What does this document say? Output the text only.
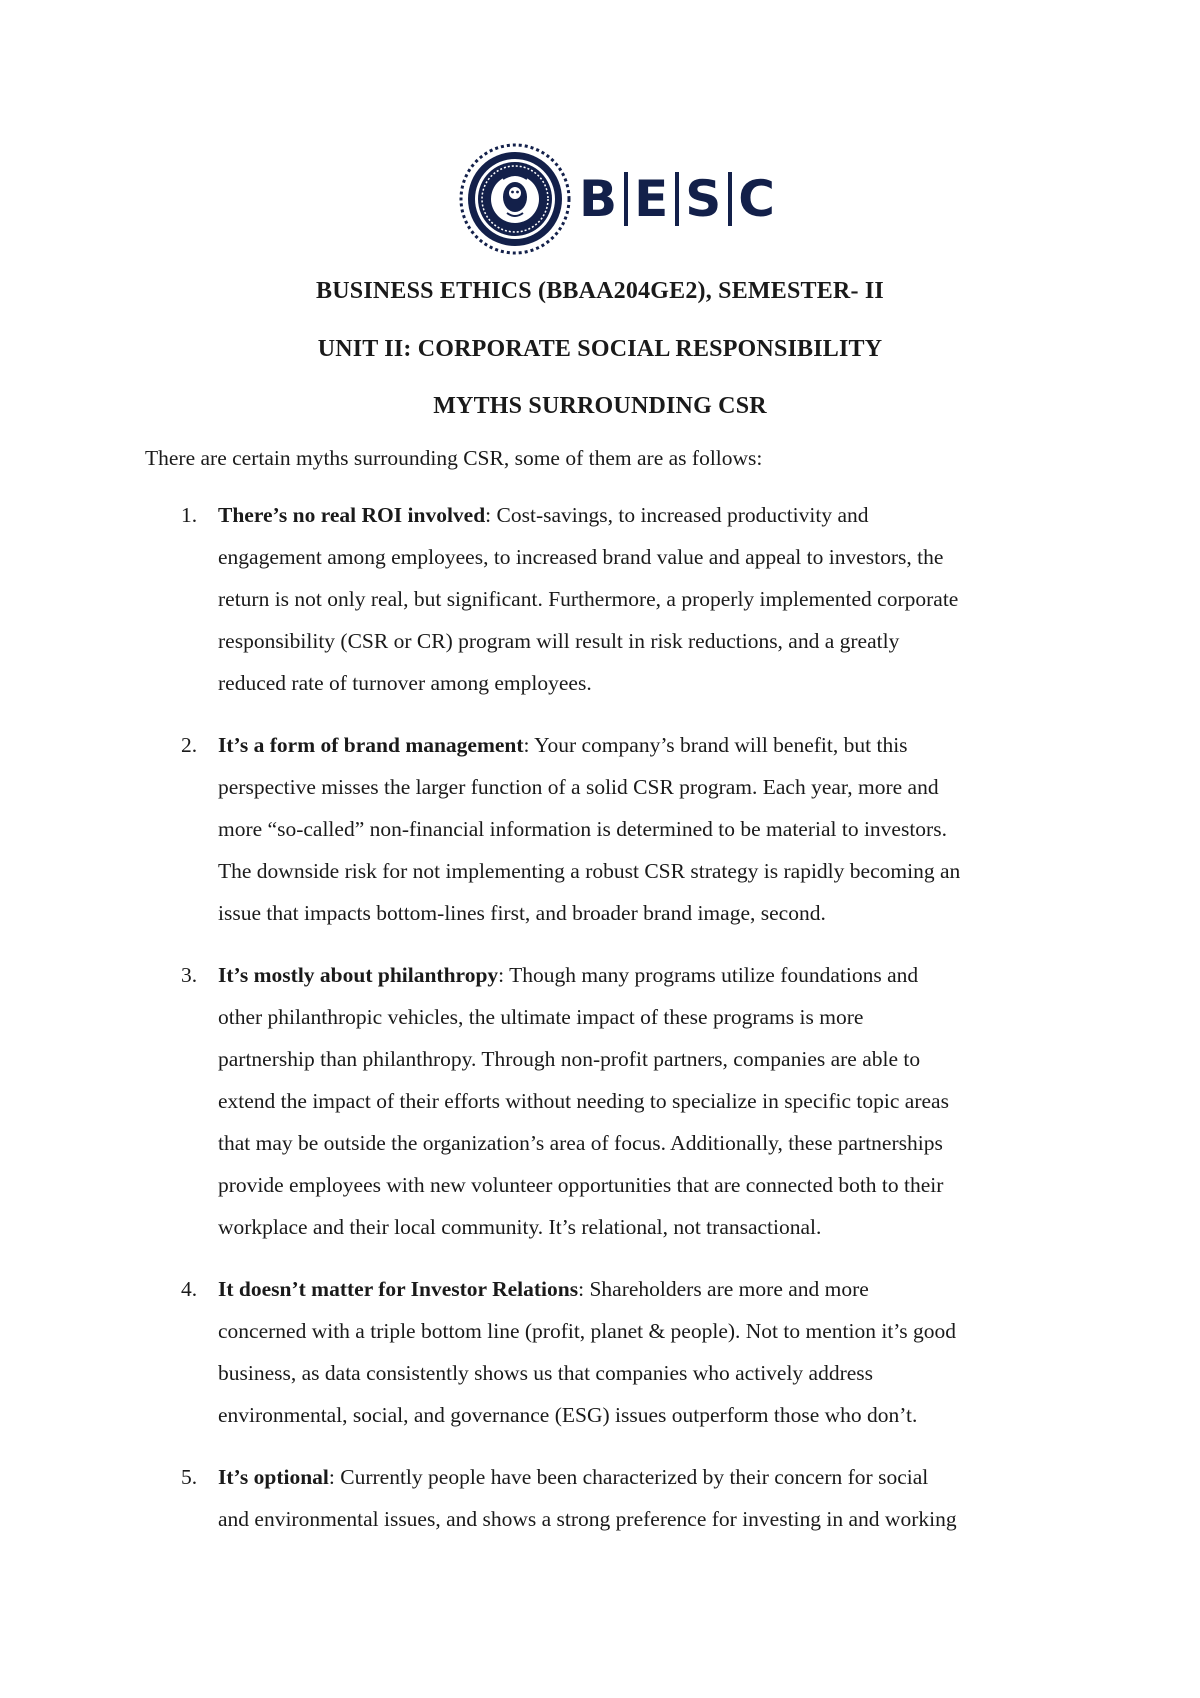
B E S C
BUSINESS ETHICS (BBAA204GE2), SEMESTER- II
UNIT II: CORPORATE SOCIAL RESPONSIBILITY
MYTHS SURROUNDING CSR

There are certain myths surrounding CSR, some of them are as follows:

1. There’s no real ROI involved: Cost-savings, to increased productivity and
engagement among employees, to increased brand value and appeal to investors, the
return is not only real, but significant. Furthermore, a properly implemented corporate
responsibility (CSR or CR) program will result in risk reductions, and a greatly
reduced rate of turnover among employees.
2. It’s a form of brand management: Your company’s brand will benefit, but this
perspective misses the larger function of a solid CSR program. Each year, more and
more “so-called” non-financial information is determined to be material to investors.
The downside risk for not implementing a robust CSR strategy is rapidly becoming an
issue that impacts bottom-lines first, and broader brand image, second.
3. It’s mostly about philanthropy: Though many programs utilize foundations and
other philanthropic vehicles, the ultimate impact of these programs is more
partnership than philanthropy. Through non-profit partners, companies are able to
extend the impact of their efforts without needing to specialize in specific topic areas
that may be outside the organization’s area of focus. Additionally, these partnerships
provide employees with new volunteer opportunities that are connected both to their
workplace and their local community. It’s relational, not transactional.
4. It doesn’t matter for Investor Relations: Shareholders are more and more
concerned with a triple bottom line (profit, planet & people). Not to mention it’s good
business, as data consistently shows us that companies who actively address
environmental, social, and governance (ESG) issues outperform those who don’t.
5. It’s optional: Currently people have been characterized by their concern for social
and environmental issues, and shows a strong preference for investing in and working
